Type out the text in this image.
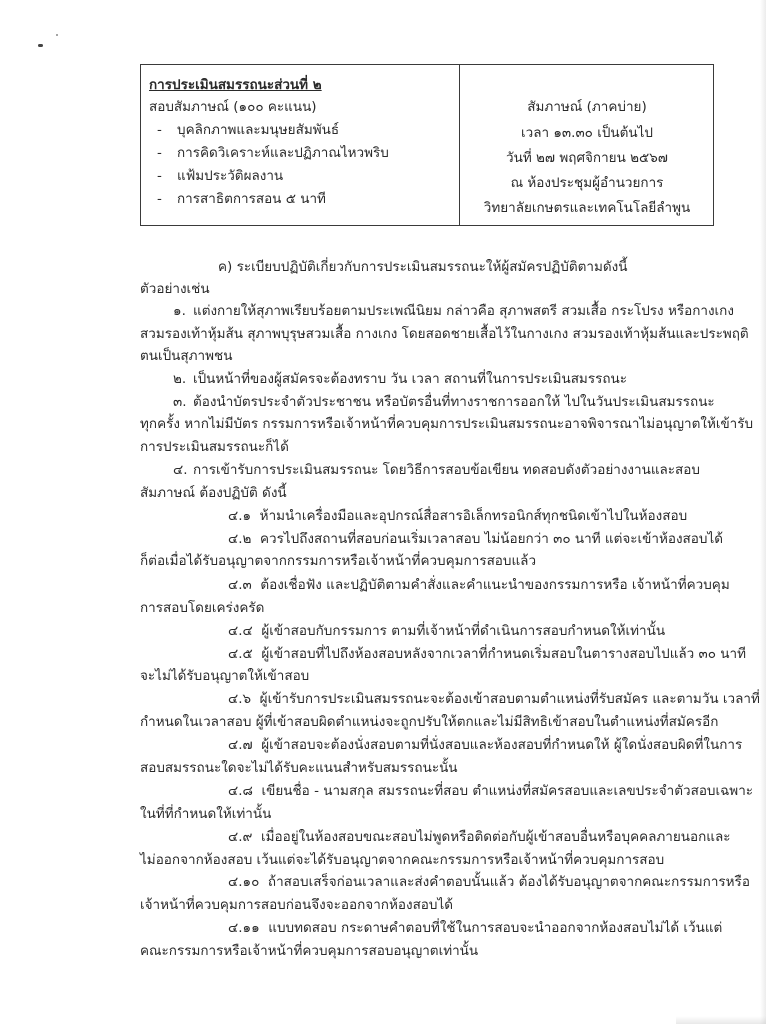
การประเมินสมรรถนะส่วนที่ ๒

สอบสัมภาษณ์ (๑๐๐ คะแนน)

- บุคลิกภาพและมนุษยสัมพันธ์

- การคิดวิเคราะห์และปฏิภาณไหวพริบ

- แฟ้มประวัติผลงาน

- การสาธิตการสอน ๕ นาที

สัมภาษณ์ (ภาคบ่าย)
เวลา ๑๓.๓๐ เป็นต้นไป
วันที่ ๒๗ พฤศจิกายน ๒๕๖๗
ณ ห้องประชุมผู้อำนวยการ
วิทยาลัยเกษตรและเทคโนโลยีลำพูน
ค) ระเบียบปฏิบัติเกี่ยวกับการประเมินสมรรถนะให้ผู้สมัครปฏิบัติตามดังนี้
ตัวอย่างเช่น
๑. แต่งกายให้สุภาพเรียบร้อยตามประเพณีนิยม กล่าวคือ สุภาพสตรี สวมเสื้อ กระโปรง หรือกางเกง
สวมรองเท้าหุ้มส้น สุภาพบุรุษสวมเสื้อ กางเกง โดยสอดชายเสื้อไว้ในกางเกง สวมรองเท้าหุ้มส้นและประพฤติ
ตนเป็นสุภาพชน
๒. เป็นหน้าที่ของผู้สมัครจะต้องทราบ วัน เวลา สถานที่ในการประเมินสมรรถนะ
๓. ต้องนำบัตรประจำตัวประชาชน หรือบัตรอื่นที่ทางราชการออกให้ ไปในวันประเมินสมรรถนะ
ทุกครั้ง หากไม่มีบัตร กรรมการหรือเจ้าหน้าที่ควบคุมการประเมินสมรรถนะอาจพิจารณาไม่อนุญาตให้เข้ารับ
การประเมินสมรรถนะก็ได้
๔. การเข้ารับการประเมินสมรรถนะ โดยวิธีการสอบข้อเขียน ทดสอบดังตัวอย่างงานและสอบ
สัมภาษณ์ ต้องปฏิบัติ ดังนี้
๔.๑ ห้ามนำเครื่องมือและอุปกรณ์สื่อสารอิเล็กทรอนิกส์ทุกชนิดเข้าไปในห้องสอบ
๔.๒ ควรไปถึงสถานที่สอบก่อนเริ่มเวลาสอบ ไม่น้อยกว่า ๓๐ นาที แต่จะเข้าห้องสอบได้
ก็ต่อเมื่อได้รับอนุญาตจากกรรมการหรือเจ้าหน้าที่ควบคุมการสอบแล้ว
๔.๓ ต้องเชื่อฟัง และปฏิบัติตามคำสั่งและคำแนะนำของกรรมการหรือ เจ้าหน้าที่ควบคุม
การสอบโดยเคร่งครัด
๔.๔ ผู้เข้าสอบกับกรรมการ ตามที่เจ้าหน้าที่ดำเนินการสอบกำหนดให้เท่านั้น
๔.๕ ผู้เข้าสอบที่ไปถึงห้องสอบหลังจากเวลาที่กำหนดเริ่มสอบในตารางสอบไปแล้ว ๓๐ นาที
จะไม่ได้รับอนุญาตให้เข้าสอบ
๔.๖ ผู้เข้ารับการประเมินสมรรถนะจะต้องเข้าสอบตามตำแหน่งที่รับสมัคร และตามวัน เวลาที่
กำหนดในเวลาสอบ ผู้ที่เข้าสอบผิดตำแหน่งจะถูกปรับให้ตกและไม่มีสิทธิเข้าสอบในตำแหน่งที่สมัครอีก
๔.๗ ผู้เข้าสอบจะต้องนั่งสอบตามที่นั่งสอบและห้องสอบที่กำหนดให้ ผู้ใดนั่งสอบผิดที่ในการ
สอบสมรรถนะใดจะไม่ได้รับคะแนนสำหรับสมรรถนะนั้น
๔.๘ เขียนชื่อ - นามสกุล สมรรถนะที่สอบ ตำแหน่งที่สมัครสอบและเลขประจำตัวสอบเฉพาะ
ในที่ที่กำหนดให้เท่านั้น
๔.๙ เมื่ออยู่ในห้องสอบขณะสอบไม่พูดหรือติดต่อกับผู้เข้าสอบอื่นหรือบุคคลภายนอกและ
ไม่ออกจากห้องสอบ เว้นแต่จะได้รับอนุญาตจากคณะกรรมการหรือเจ้าหน้าที่ควบคุมการสอบ
๔.๑๐ ถ้าสอบเสร็จก่อนเวลาและส่งคำตอบนั้นแล้ว ต้องได้รับอนุญาตจากคณะกรรมการหรือ
เจ้าหน้าที่ควบคุมการสอบก่อนจึงจะออกจากห้องสอบได้
๔.๑๑ แบบทดสอบ กระดาษคำตอบที่ใช้ในการสอบจะนำออกจากห้องสอบไม่ได้ เว้นแต่
คณะกรรมการหรือเจ้าหน้าที่ควบคุมการสอบอนุญาตเท่านั้น
